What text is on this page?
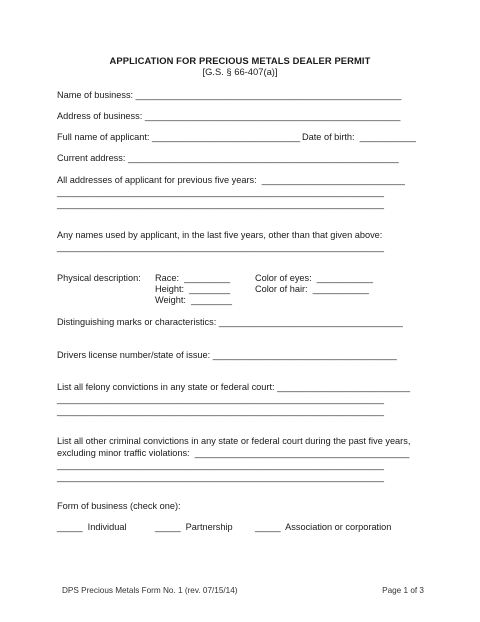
APPLICATION FOR PRECIOUS METALS DEALER PERMIT
[G.S. § 66-407(a)]
Name of business: ____________________________________________________
Address of business: __________________________________________________
Full name of applicant: _____________________________ Date of birth:  ___________
Current address: _____________________________________________________
All addresses of applicant for previous five years:  ____________________________
________________________________________________________________
________________________________________________________________
Any names used by applicant, in the last five years, other than that given above:
________________________________________________________________
Physical description: Race:  _________
Height:  ________
Weight:  ________
Color of eyes:  ___________
Color of hair:  ___________
Distinguishing marks or characteristics: ____________________________________
Drivers license number/state of issue: ____________________________________
List all felony convictions in any state or federal court: __________________________
________________________________________________________________
________________________________________________________________
List all other criminal convictions in any state or federal court during the past five years,
excluding minor traffic violations:  __________________________________________
________________________________________________________________
________________________________________________________________
Form of business (check one):
_____  Individual	_____  Partnership _____  Association or corporation
DPS Precious Metals Form No. 1 (rev. 07/15/14)	Page 1 of 3
